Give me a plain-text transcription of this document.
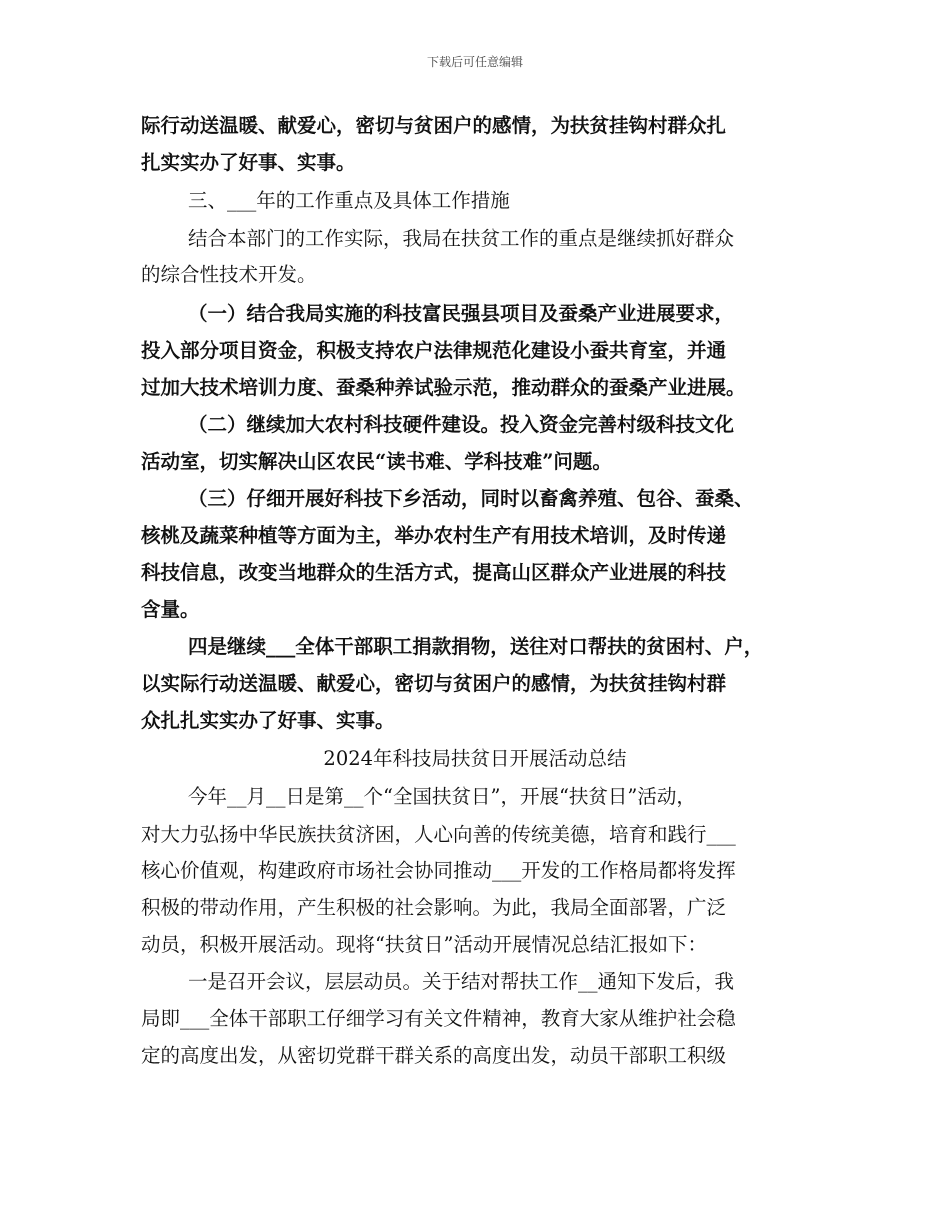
下载后可任意编辑
际行动送温暖、献爱心，密切与贫困户的感情，为扶贫挂钩村群众扎
扎实实办了好事、实事。
三、___年的工作重点及具体工作措施
结合本部门的工作实际，我局在扶贫工作的重点是继续抓好群众
的综合性技术开发。
（一）结合我局实施的科技富民强县项目及蚕桑产业进展要求，
投入部分项目资金，积极支持农户法律规范化建设小蚕共育室，并通
过加大技术培训力度、蚕桑种养试验示范，推动群众的蚕桑产业进展。
（二）继续加大农村科技硬件建设。投入资金完善村级科技文化
活动室，切实解决山区农民“读书难、学科技难”问题。
（三）仔细开展好科技下乡活动，同时以畜禽养殖、包谷、蚕桑、
核桃及蔬菜种植等方面为主，举办农村生产有用技术培训，及时传递
科技信息，改变当地群众的生活方式，提高山区群众产业进展的科技
含量。
四是继续___全体干部职工捐款捐物，送往对口帮扶的贫困村、户，
以实际行动送温暖、献爱心，密切与贫困户的感情，为扶贫挂钩村群
众扎扎实实办了好事、实事。
2024年科技局扶贫日开展活动总结
今年__月__日是第__个“全国扶贫日”，开展“扶贫日”活动，
对大力弘扬中华民族扶贫济困，人心向善的传统美德，培育和践行___
核心价值观，构建政府市场社会协同推动___开发的工作格局都将发挥
积极的带动作用，产生积极的社会影响。为此，我局全面部署，广泛
动员，积极开展活动。现将“扶贫日”活动开展情况总结汇报如下：
一是召开会议，层层动员。关于结对帮扶工作__通知下发后，我
局即___全体干部职工仔细学习有关文件精神，教育大家从维护社会稳
定的高度出发，从密切党群干群关系的高度出发，动员干部职工积级
